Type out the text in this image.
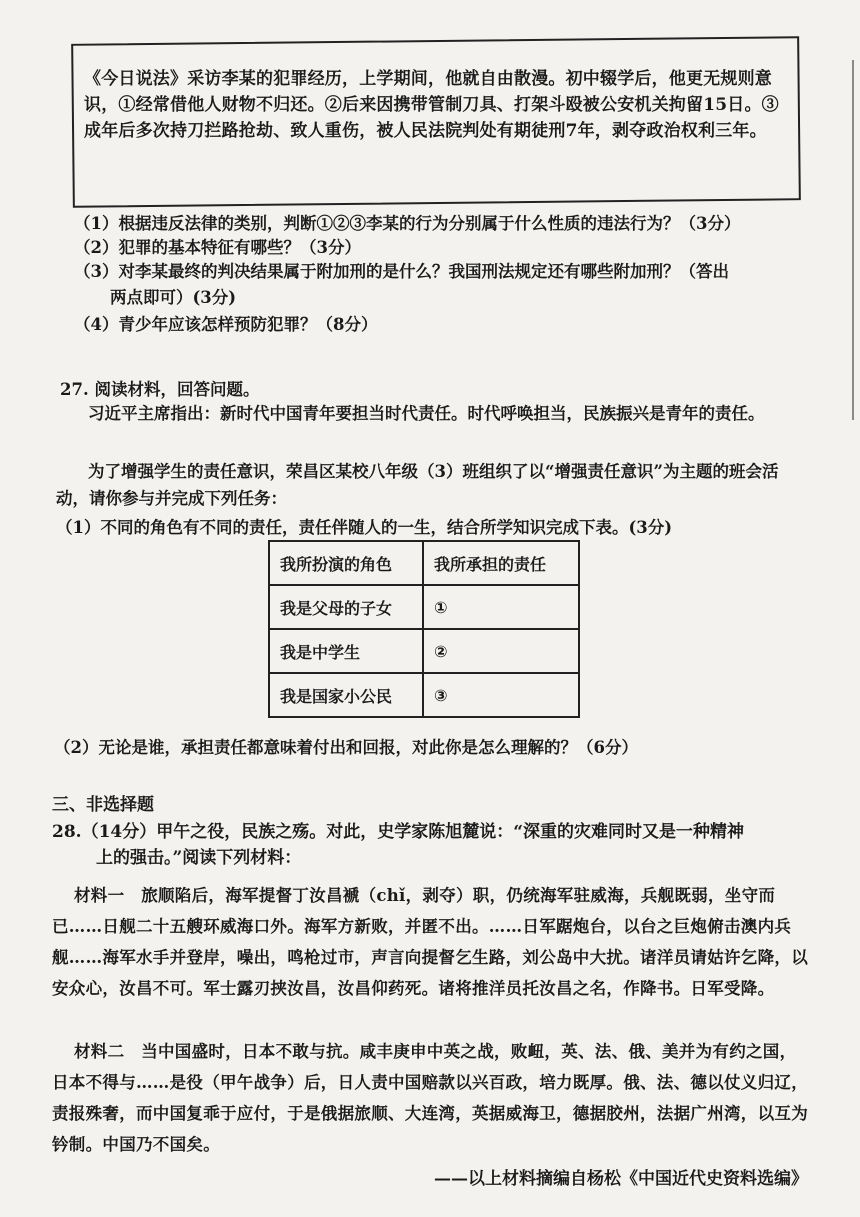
《今日说法》采访李某的犯罪经历，上学期间，他就自由散漫。初中辍学后，他更无规则意识，①经常借他人财物不归还。②后来因携带管制刀具、打架斗殴被公安机关拘留15日。③成年后多次持刀拦路抢劫、致人重伤，被人民法院判处有期徒刑7年，剥夺政治权利三年。
（1）根据违反法律的类别，判断①②③李某的行为分别属于什么性质的违法行为？（3分）
（2）犯罪的基本特征有哪些？（3分）
（3）对李某最终的判决结果属于附加刑的是什么？我国刑法规定还有哪些附加刑？（答出
两点即可）(3分)
（4）青少年应该怎样预防犯罪？（8分）
27. 阅读材料，回答问题。
习近平主席指出：新时代中国青年要担当时代责任。时代呼唤担当，民族振兴是青年的责任。
为了增强学生的责任意识，荣昌区某校八年级（3）班组织了以“增强责任意识”为主题的班会活动，请你参与并完成下列任务：
（1）不同的角色有不同的责任，责任伴随人的一生，结合所学知识完成下表。(3分)
我所扮演的角色	我所承担的责任
我是父母的子女	①
我是中学生	②
我是国家小公民	③
（2）无论是谁，承担责任都意味着付出和回报，对此你是怎么理解的？（6分）
三、非选择题
28.（14分）甲午之役，民族之殇。对此，史学家陈旭麓说：“深重的灾难同时又是一种精神
上的强击。”阅读下列材料：
材料一　旅顺陷后，海军提督丁汝昌褫（chǐ，剥夺）职，仍统海军驻威海，兵舰既弱，坐守而已……日舰二十五艘环威海口外。海军方新败，并匿不出。……日军踞炮台，以台之巨炮俯击澳内兵舰……海军水手并登岸，噪出，鸣枪过市，声言向提督乞生路，刘公岛中大扰。诸洋员请姑许乞降，以安众心，汝昌不可。军士露刃挟汝昌，汝昌仰药死。诸将推洋员托汝昌之名，作降书。日军受降。
材料二　当中国盛时，日本不敢与抗。咸丰庚申中英之战，败衄，英、法、俄、美并为有约之国，日本不得与……是役（甲午战争）后，日人责中国赔款以兴百政，培力既厚。俄、法、德以仗义归辽，责报殊奢，而中国复乖于应付，于是俄据旅顺、大连湾，英据威海卫，德据胶州，法据广州湾，以互为钤制。中国乃不国矣。
——以上材料摘编自杨松《中国近代史资料选编》
